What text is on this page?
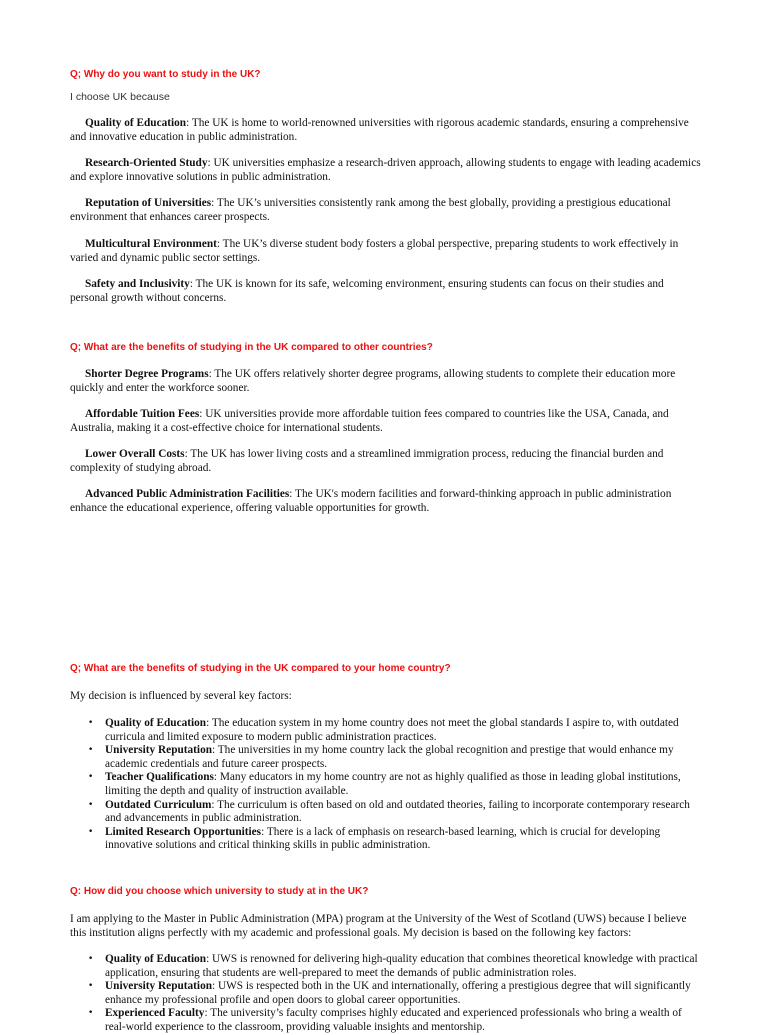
Q; Why do you want to study in the UK?
I choose UK because

Quality of Education: The UK is home to world-renowned universities with rigorous academic standards, ensuring a comprehensive and innovative education in public administration.

Research-Oriented Study: UK universities emphasize a research-driven approach, allowing students to engage with leading academics and explore innovative solutions in public administration.

Reputation of Universities: The UK’s universities consistently rank among the best globally, providing a prestigious educational environment that enhances career prospects.

Multicultural Environment: The UK’s diverse student body fosters a global perspective, preparing students to work effectively in varied and dynamic public sector settings.

Safety and Inclusivity: The UK is known for its safe, welcoming environment, ensuring students can focus on their studies and personal growth without concerns.

Q; What are the benefits of studying in the UK compared to other countries?

Shorter Degree Programs: The UK offers relatively shorter degree programs, allowing students to complete their education more quickly and enter the workforce sooner.

Affordable Tuition Fees: UK universities provide more affordable tuition fees compared to countries like the USA, Canada, and Australia, making it a cost-effective choice for international students.

Lower Overall Costs: The UK has lower living costs and a streamlined immigration process, reducing the financial burden and complexity of studying abroad.

Advanced Public Administration Facilities: The UK's modern facilities and forward-thinking approach in public administration enhance the educational experience, offering valuable opportunities for growth.

Q; What are the benefits of studying in the UK compared to your home country?

My decision is influenced by several key factors:

• Quality of Education: The education system in my home country does not meet the global standards I aspire to, with outdated curricula and limited exposure to modern public administration practices.
• University Reputation: The universities in my home country lack the global recognition and prestige that would enhance my academic credentials and future career prospects.
• Teacher Qualifications: Many educators in my home country are not as highly qualified as those in leading global institutions, limiting the depth and quality of instruction available.
• Outdated Curriculum: The curriculum is often based on old and outdated theories, failing to incorporate contemporary research and advancements in public administration.
• Limited Research Opportunities: There is a lack of emphasis on research-based learning, which is crucial for developing innovative solutions and critical thinking skills in public administration.
Q: How did you choose which university to study at in the UK?

I am applying to the Master in Public Administration (MPA) program at the University of the West of Scotland (UWS) because I believe this institution aligns perfectly with my academic and professional goals. My decision is based on the following key factors:

• Quality of Education: UWS is renowned for delivering high-quality education that combines theoretical knowledge with practical application, ensuring that students are well-prepared to meet the demands of public administration roles.
• University Reputation: UWS is respected both in the UK and internationally, offering a prestigious degree that will significantly enhance my professional profile and open doors to global career opportunities.
• Experienced Faculty: The university’s faculty comprises highly educated and experienced professionals who bring a wealth of real-world experience to the classroom, providing valuable insights and mentorship.
